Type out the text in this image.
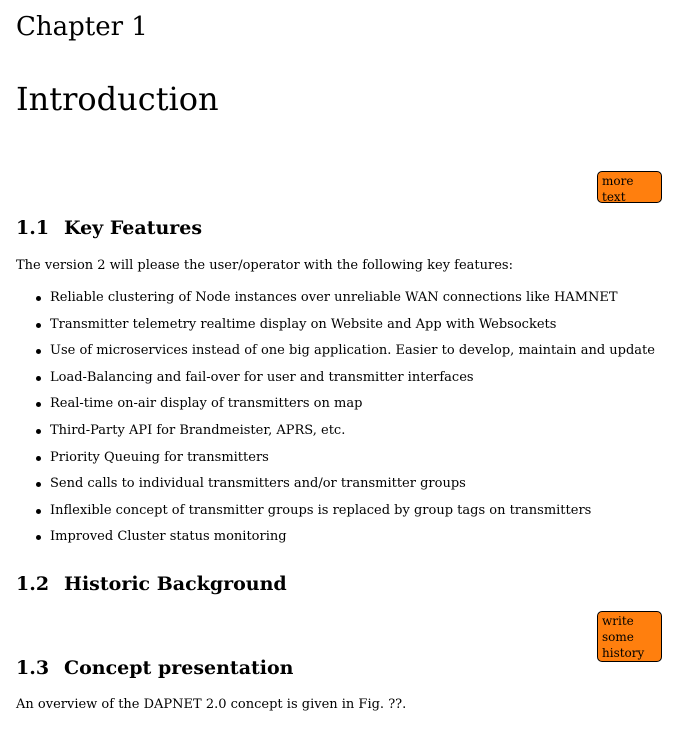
Chapter 1
Introduction
more text
1.1 Key Features

The version 2 will please the user/operator with the following key features:

Reliable clustering of Node instances over unreliable WAN connections like HAMNET
Transmitter telemetry realtime display on Website and App with Websockets
Use of microservices instead of one big application. Easier to develop, maintain and update
Load-Balancing and fail-over for user and transmitter interfaces
Real-time on-air display of transmitters on map
Third-Party API for Brandmeister, APRS, etc.
Priority Queuing for transmitters
Send calls to individual transmitters and/or transmitter groups
Inflexible concept of transmitter groups is replaced by group tags on transmitters
Improved Cluster status monitoring
1.2 Historic Background
write some history
1.3 Concept presentation

An overview of the DAPNET 2.0 concept is given in Fig. ??.
